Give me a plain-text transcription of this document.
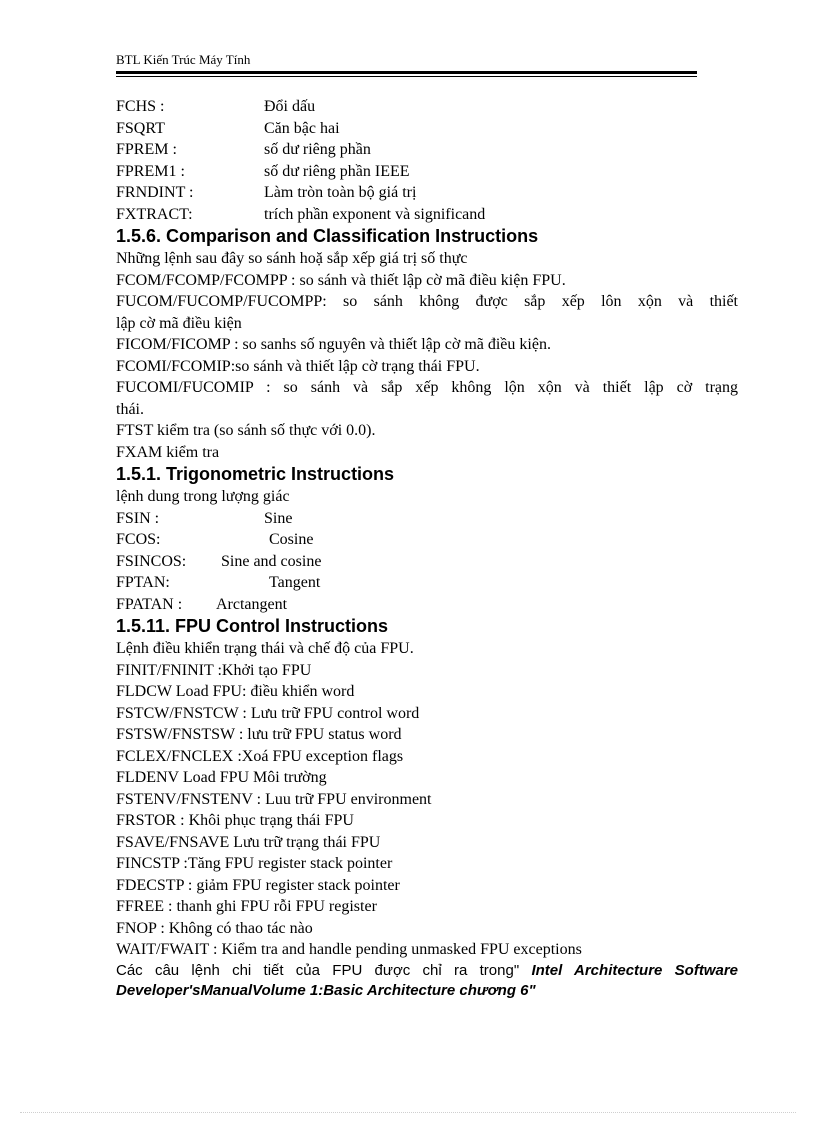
BTL Kiến Trúc Máy Tính
FCHS :	Đổi dấu
FSQRT	Căn bậc hai
FPREM :	số dư riêng phần
FPREM1 :	số dư riêng phần IEEE
FRNDINT :	Làm tròn toàn bộ giá trị
FXTRACT:	trích phần exponent và significand
1.5.6. Comparison and Classification Instructions
Những lệnh sau đây so sánh hoặ sắp xếp giá trị số thực
FCOM/FCOMP/FCOMPP : so sánh và thiết lập cờ mã điều kiện FPU.
FUCOM/FUCOMP/FUCOMPP: so sánh không được sắp xếp lôn xộn và thiết
lập cờ mã điều kiện
FICOM/FICOMP : so sanhs số nguyên và thiết lập cờ mã điều kiện.
FCOMI/FCOMIP:so sánh và thiết lập cờ trạng thái FPU.
FUCOMI/FUCOMIP : so sánh và sắp xếp không lộn xộn và thiết lập cờ trạng
thái.
FTST kiểm tra (so sánh số thực với 0.0).
FXAM kiểm tra
1.5.1. Trigonometric Instructions
lệnh dung trong lượng giác
FSIN :	Sine
FCOS:	Cosine
FSINCOS: Sine and cosine
FPTAN:	Tangent
FPATAN : Arctangent
1.5.11. FPU Control Instructions
Lệnh điều khiển trạng thái và chế độ của FPU.
FINIT/FNINIT :Khởi tạo FPU
FLDCW Load FPU: điều khiển word
FSTCW/FNSTCW : Lưu trữ FPU control word
FSTSW/FNSTSW : lưu trữ FPU status word
FCLEX/FNCLEX :Xoá FPU exception flags
FLDENV Load FPU Môi trường
FSTENV/FNSTENV : Luu trữ FPU environment
FRSTOR : Khôi phục trạng thái FPU
FSAVE/FNSAVE Lưu trữ trạng thái FPU
FINCSTP :Tăng FPU register stack pointer
FDECSTP : giảm FPU register stack pointer
FFREE : thanh ghi FPU rỗi FPU register
FNOP : Không có thao tác nào
WAIT/FWAIT : Kiểm tra and handle pending unmasked FPU exceptions
Các câu lệnh chi tiết của FPU được chỉ ra trong" Intel Architecture Software
Developer'sManualVolume 1:Basic Architecture chương 6"
